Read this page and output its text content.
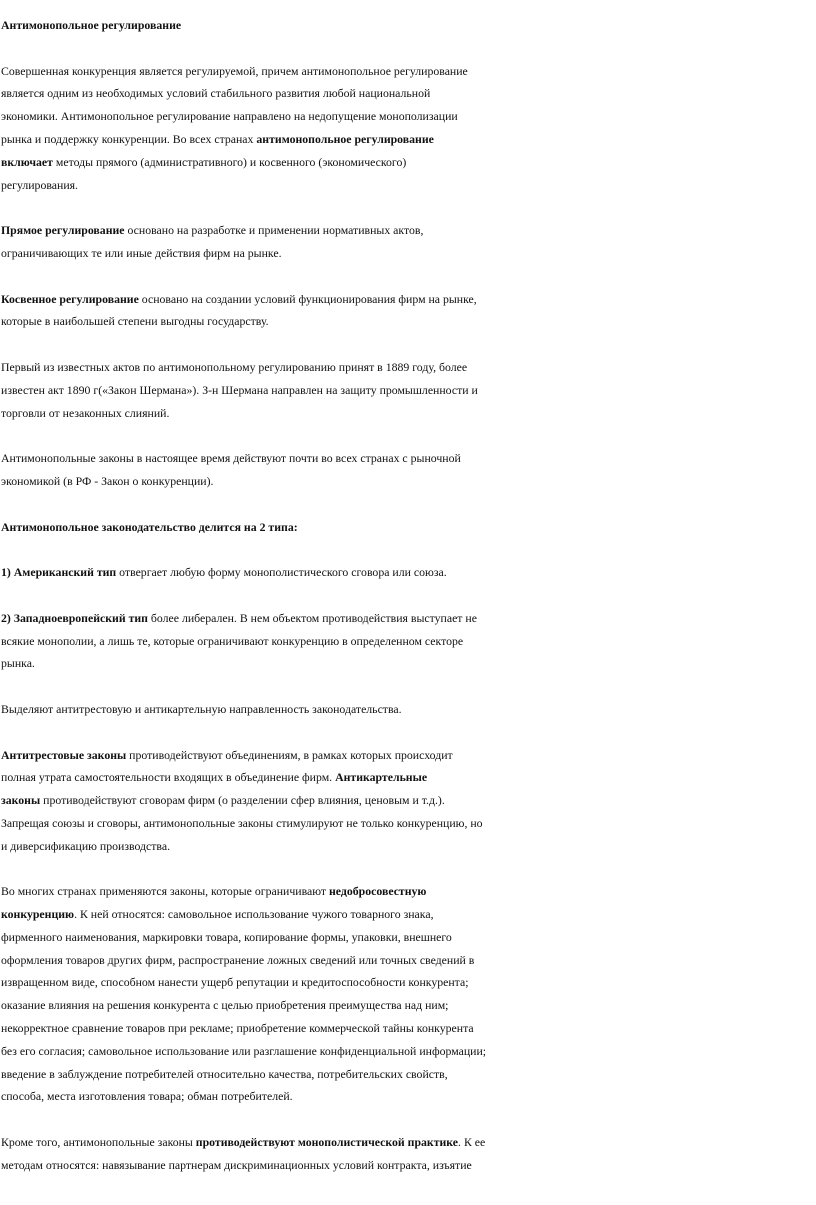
Антимонопольное регулирование
Совершенная конкуренция является регулируемой, причем антимонопольное регулирование
является одним из необходимых условий стабильного развития любой национальной
экономики. Антимонопольное регулирование направлено на недопущение монополизации
рынка и поддержку конкуренции. Во всех странах антимонопольное регулирование
включает методы прямого (административного) и косвенного (экономического)
регулирования.
Прямое регулирование основано на разработке и применении нормативных актов,
ограничивающих те или иные действия фирм на рынке.
Косвенное регулирование основано на создании условий функционирования фирм на рынке,
которые в наибольшей степени выгодны государству.
Первый из известных актов по антимонопольному регулированию принят в 1889 году, более
известен акт 1890 г(«Закон Шермана»). З-н Шермана направлен на защиту промышленности и
торговли от незаконных слияний.
Антимонопольные законы в настоящее время действуют почти во всех странах с рыночной
экономикой (в РФ - Закон о конкуренции).
Антимонопольное законодательство делится на 2 типа:
1) Американский тип отвергает любую форму монополистического сговора или союза.
2) Западноевропейский тип более либерален. В нем объектом противодействия выступает не
всякие монополии, а лишь те, которые ограничивают конкуренцию в определенном секторе
рынка.
Выделяют антитрестовую и антикартельную направленность законодательства.
Антитрестовые законы противодействуют объединениям, в рамках которых происходит
полная утрата самостоятельности входящих в объединение фирм. Антикартельные
законы противодействуют сговорам фирм (о разделении сфер влияния, ценовым и т.д.).
Запрещая союзы и сговоры, антимонопольные законы стимулируют не только конкуренцию, но
и диверсификацию производства.
Во многих странах применяются законы, которые ограничивают недобросовестную
конкуренцию. К ней относятся: самовольное использование чужого товарного знака,
фирменного наименования, маркировки товара, копирование формы, упаковки, внешнего
оформления товаров других фирм, распространение ложных сведений или точных сведений в
извращенном виде, способном нанести ущерб репутации и кредитоспособности конкурента;
оказание влияния на решения конкурента с целью приобретения преимущества над ним;
некорректное сравнение товаров при рекламе; приобретение коммерческой тайны конкурента
без его согласия; самовольное использование или разглашение конфиденциальной информации;
введение в заблуждение потребителей относительно качества, потребительских свойств,
способа, места изготовления товара; обман потребителей.
Кроме того, антимонопольные законы противодействуют монополистической практике. К ее
методам относятся: навязывание партнерам дискриминационных условий контракта, изъятие
